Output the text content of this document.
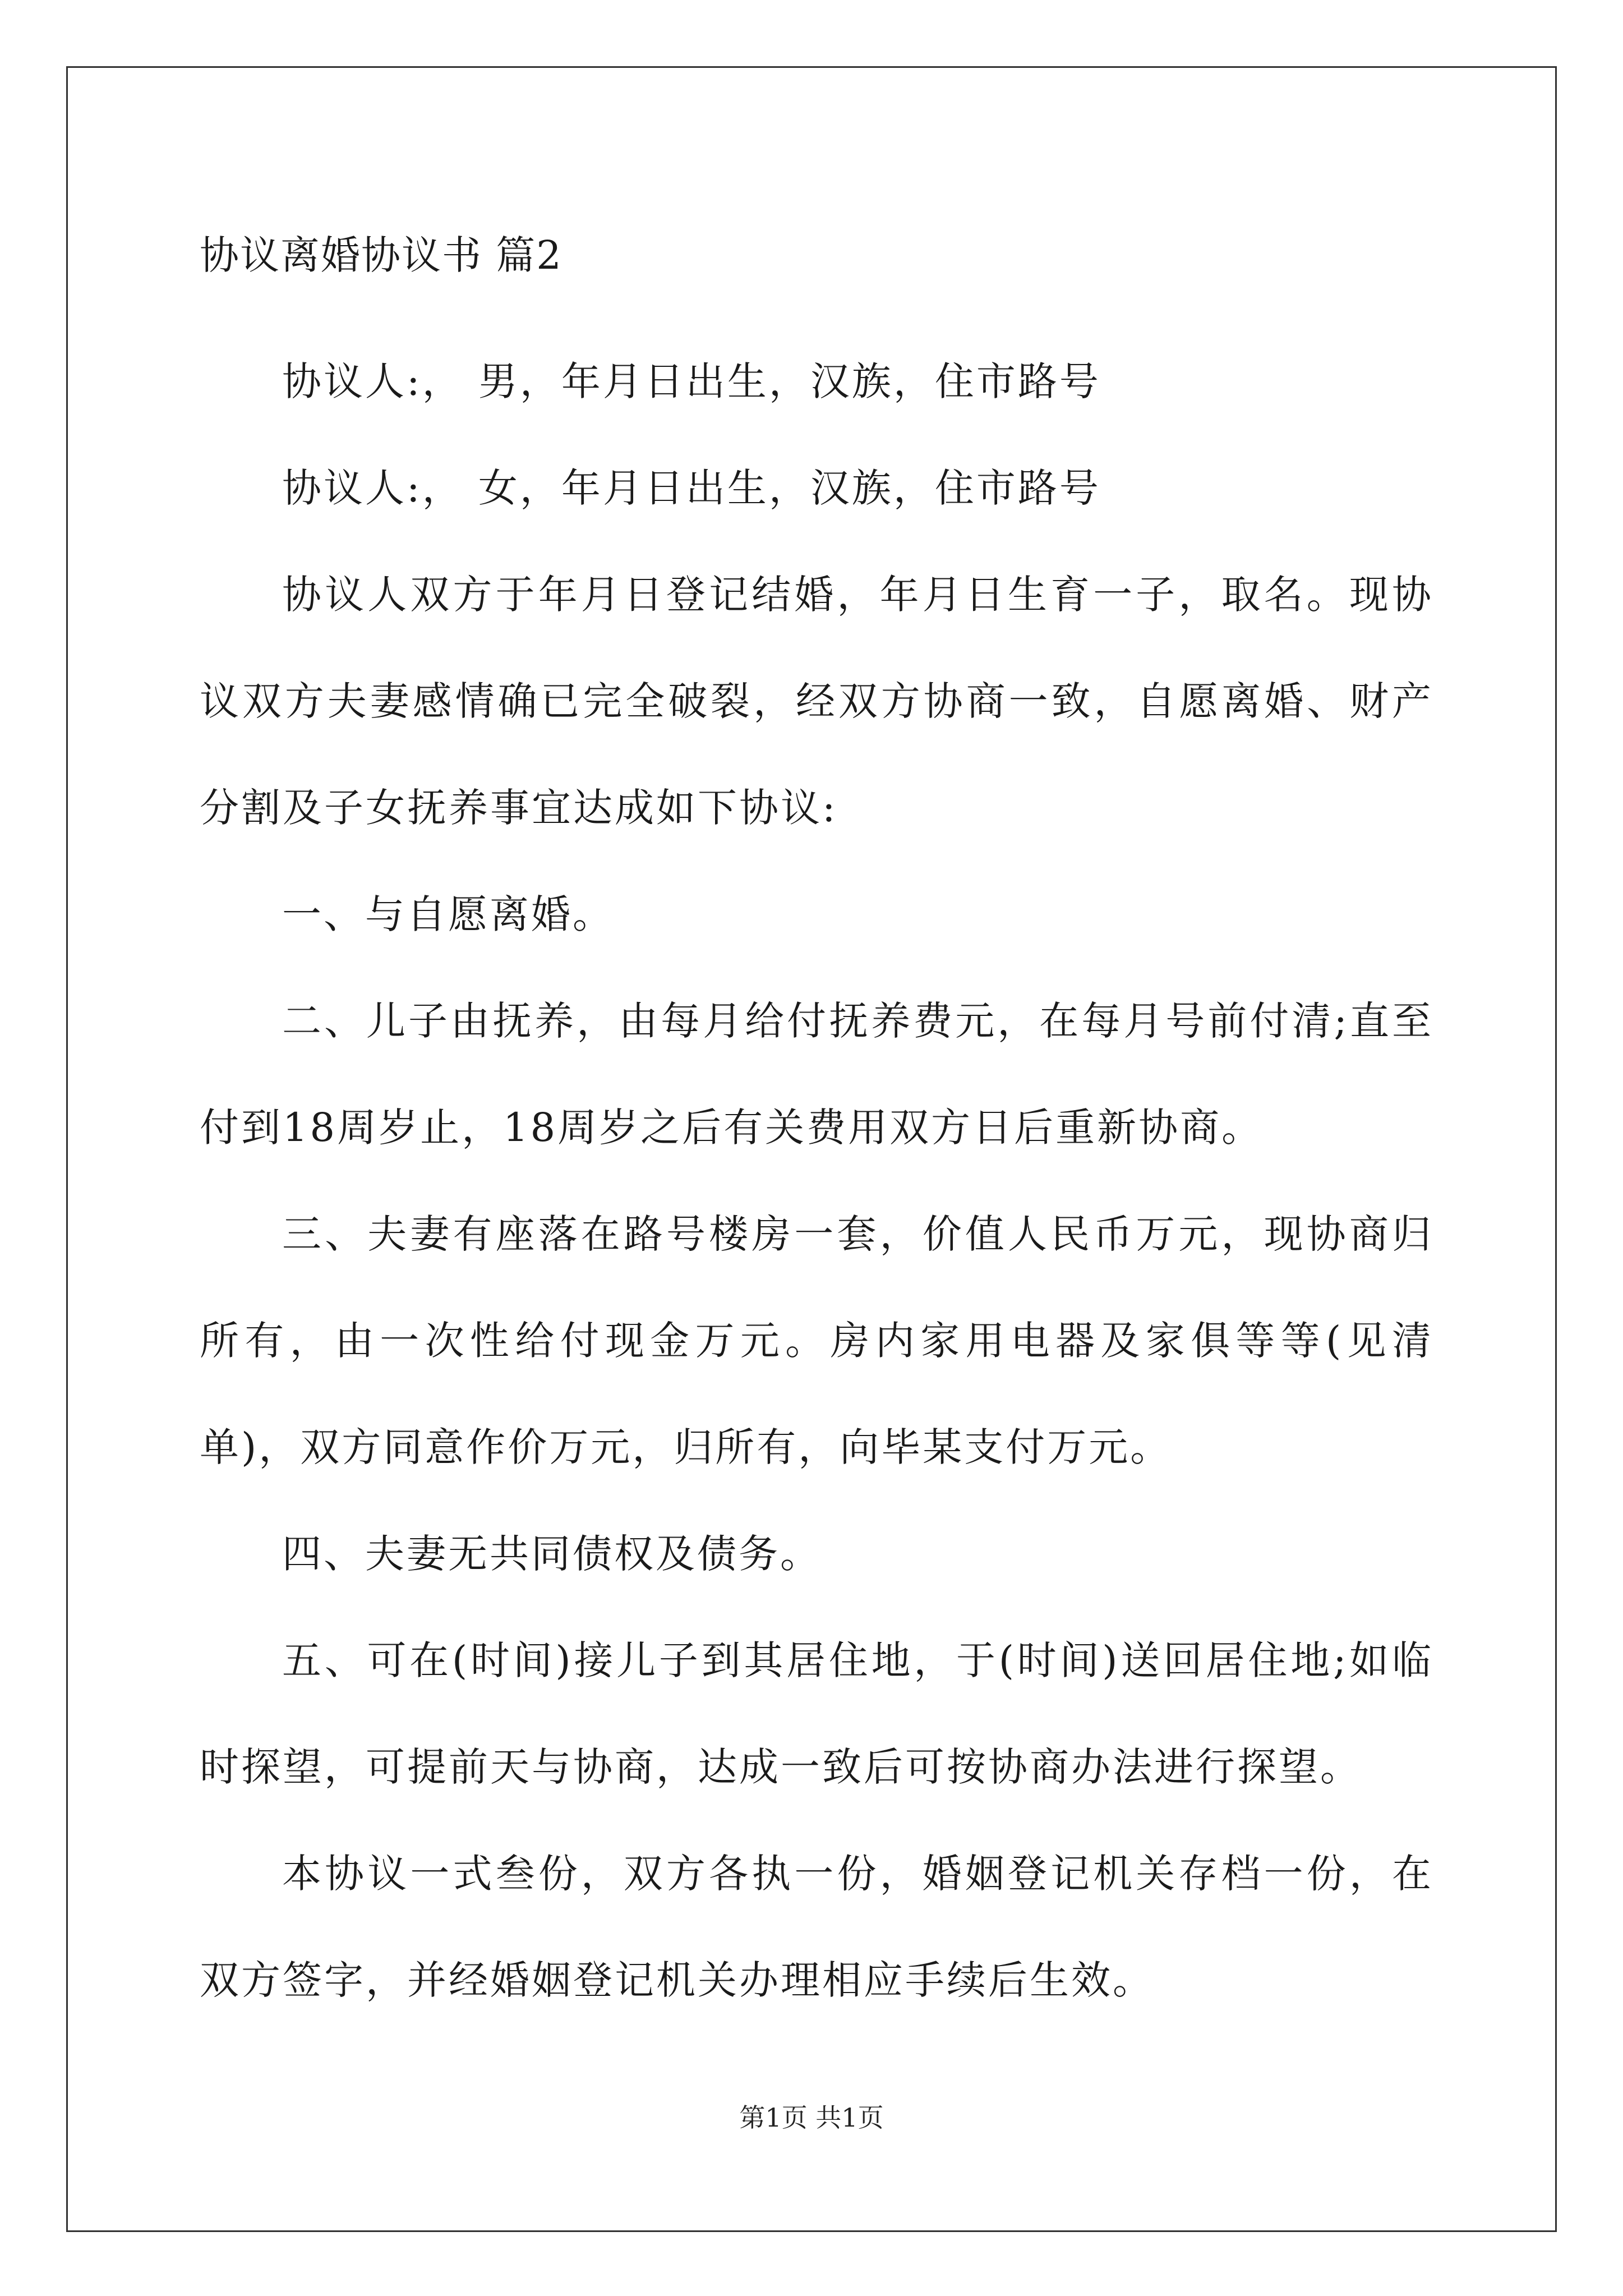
协议离婚协议书 篇2

协议人:， 男，年月日出生，汉族，住市路号

协议人:， 女，年月日出生，汉族，住市路号

协议人双方于年月日登记结婚，年月日生育一子，取名。现协议双方夫妻感情确已完全破裂，经双方协商一致，自愿离婚、财产分割及子女抚养事宜达成如下协议:

一、与自愿离婚。

二、儿子由抚养，由每月给付抚养费元，在每月号前付清;直至付到18周岁止，18周岁之后有关费用双方日后重新协商。

三、夫妻有座落在路号楼房一套，价值人民币万元，现协商归所有，由一次性给付现金万元。房内家用电器及家俱等等(见清单)，双方同意作价万元，归所有，向毕某支付万元。

四、夫妻无共同债权及债务。

五、可在(时间)接儿子到其居住地，于(时间)送回居住地;如临时探望，可提前天与协商，达成一致后可按协商办法进行探望。

本协议一式叁份，双方各执一份，婚姻登记机关存档一份，在双方签字，并经婚姻登记机关办理相应手续后生效。

第1页 共1页
